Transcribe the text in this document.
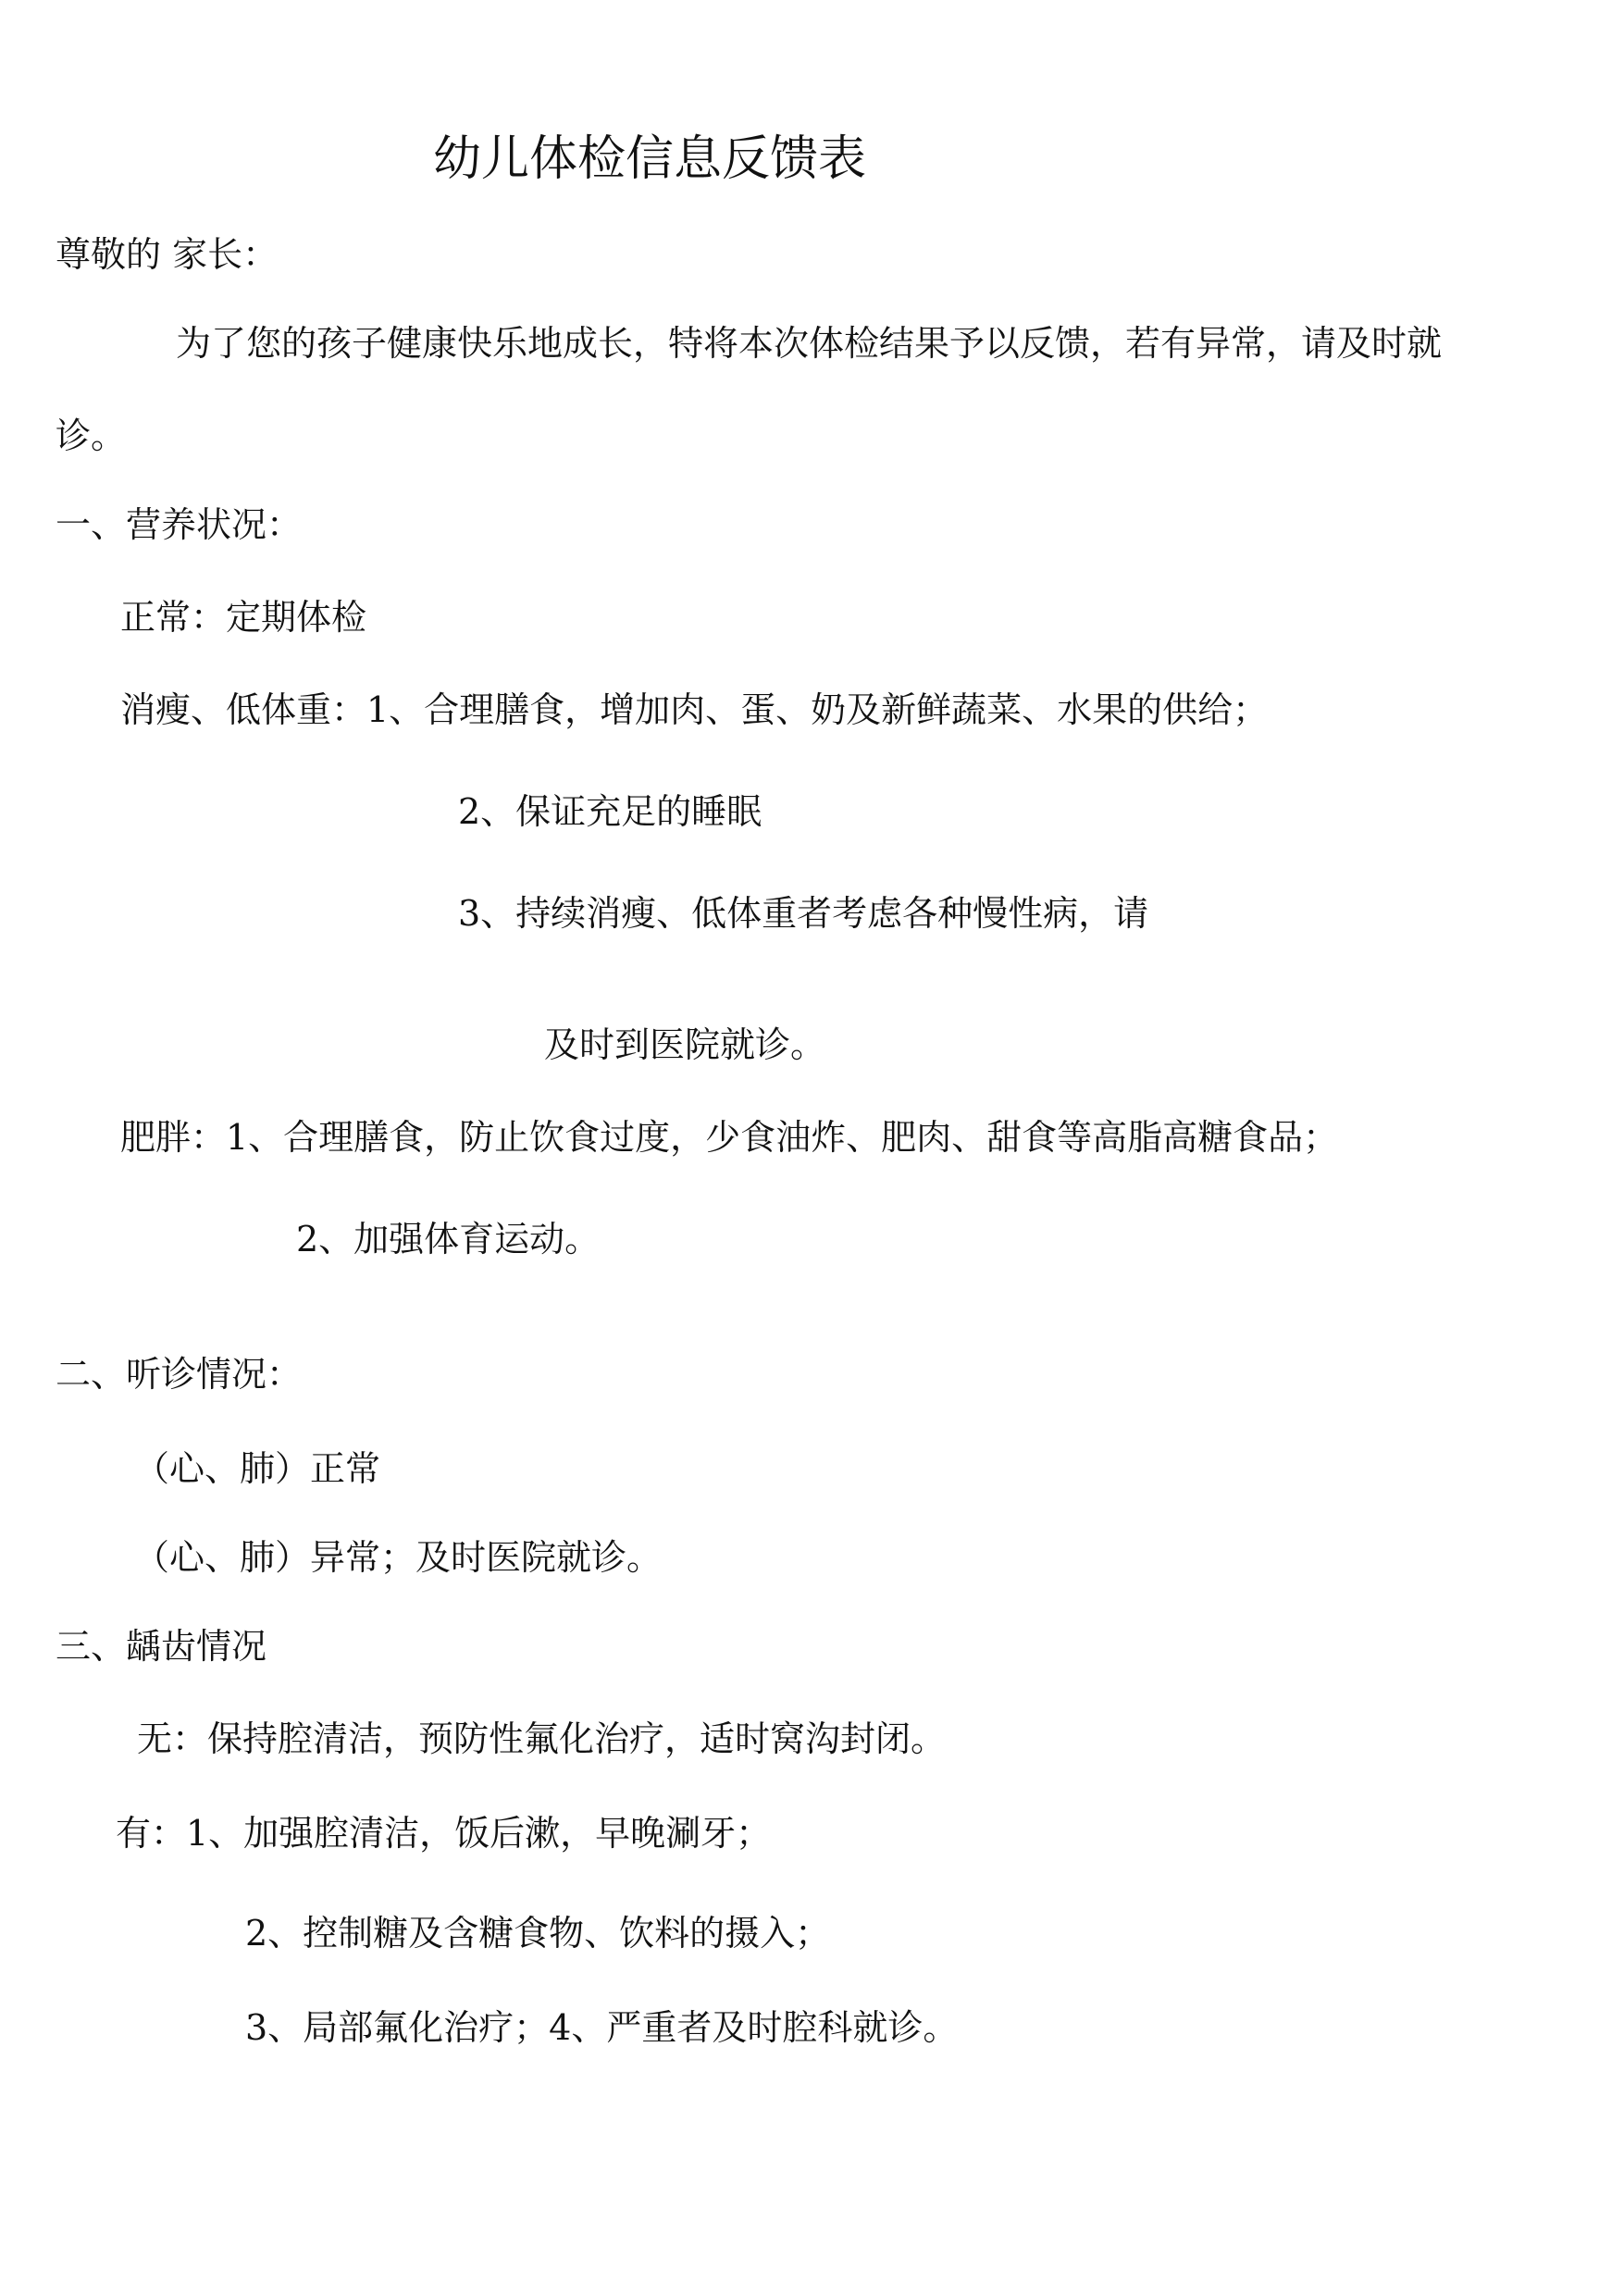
幼儿体检信息反馈表
尊敬的 家长：
为了您的孩子健康快乐地成长，特将本次体检结果予以反馈，若有异常，请及时就
诊。
一、营养状况：
正常：定期体检
消瘦、低体重：1、合理膳食，增加肉、蛋、奶及新鲜蔬菜、水果的供给；
2、保证充足的睡眠
3、持续消瘦、低体重者考虑各种慢性病，请
及时到医院就诊。
肥胖：1、合理膳食，防止饮食过度，少食油炸、肥肉、甜食等高脂高糖食品；
2、加强体育运动。
二、听诊情况：
（心、肺）正常
（心、肺）异常；及时医院就诊。
三、龋齿情况
无：保持腔清洁，预防性氟化治疗，适时窝沟封闭。
有：1、加强腔清洁，饭后漱，早晚涮牙；
2、控制糖及含糖食物、饮料的摄入；
3、局部氟化治疗；4、严重者及时腔科就诊。
